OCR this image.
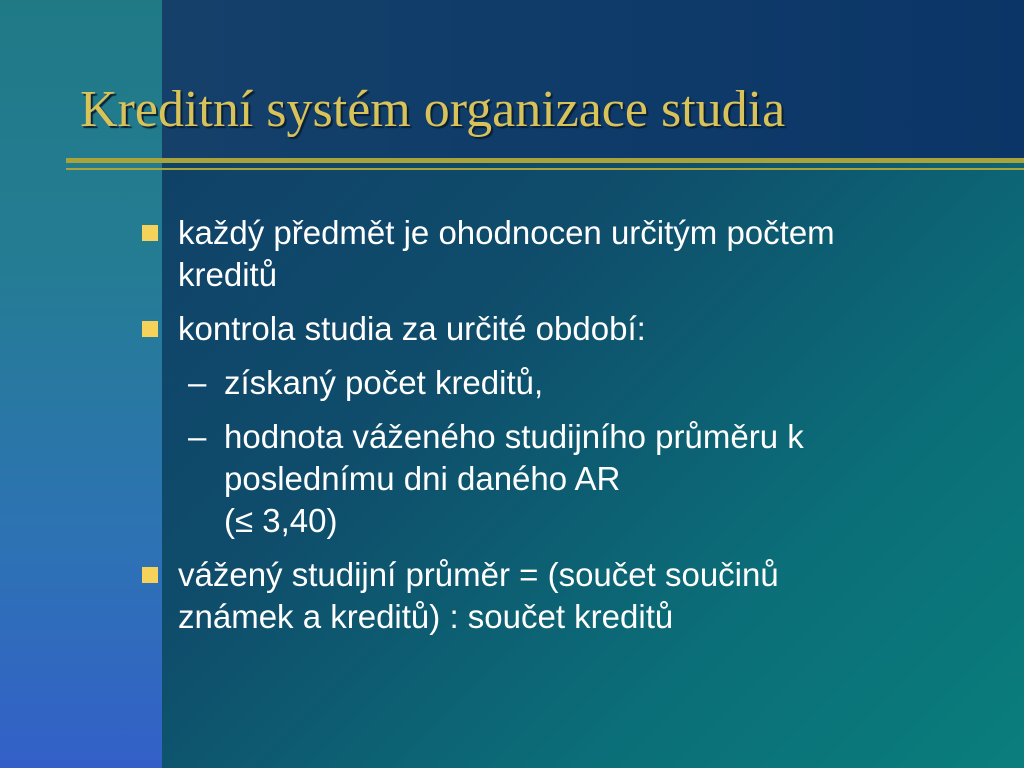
Kreditní systém organizace studia
každý předmět je ohodnocen určitým počtem
kreditů
kontrola studia za určité období:
– získaný počet kreditů,
– hodnota váženého studijního průměru k
poslednímu dni daného AR
(≤ 3,40)
vážený studijní průměr = (součet součinů
známek a kreditů) : součet kreditů
